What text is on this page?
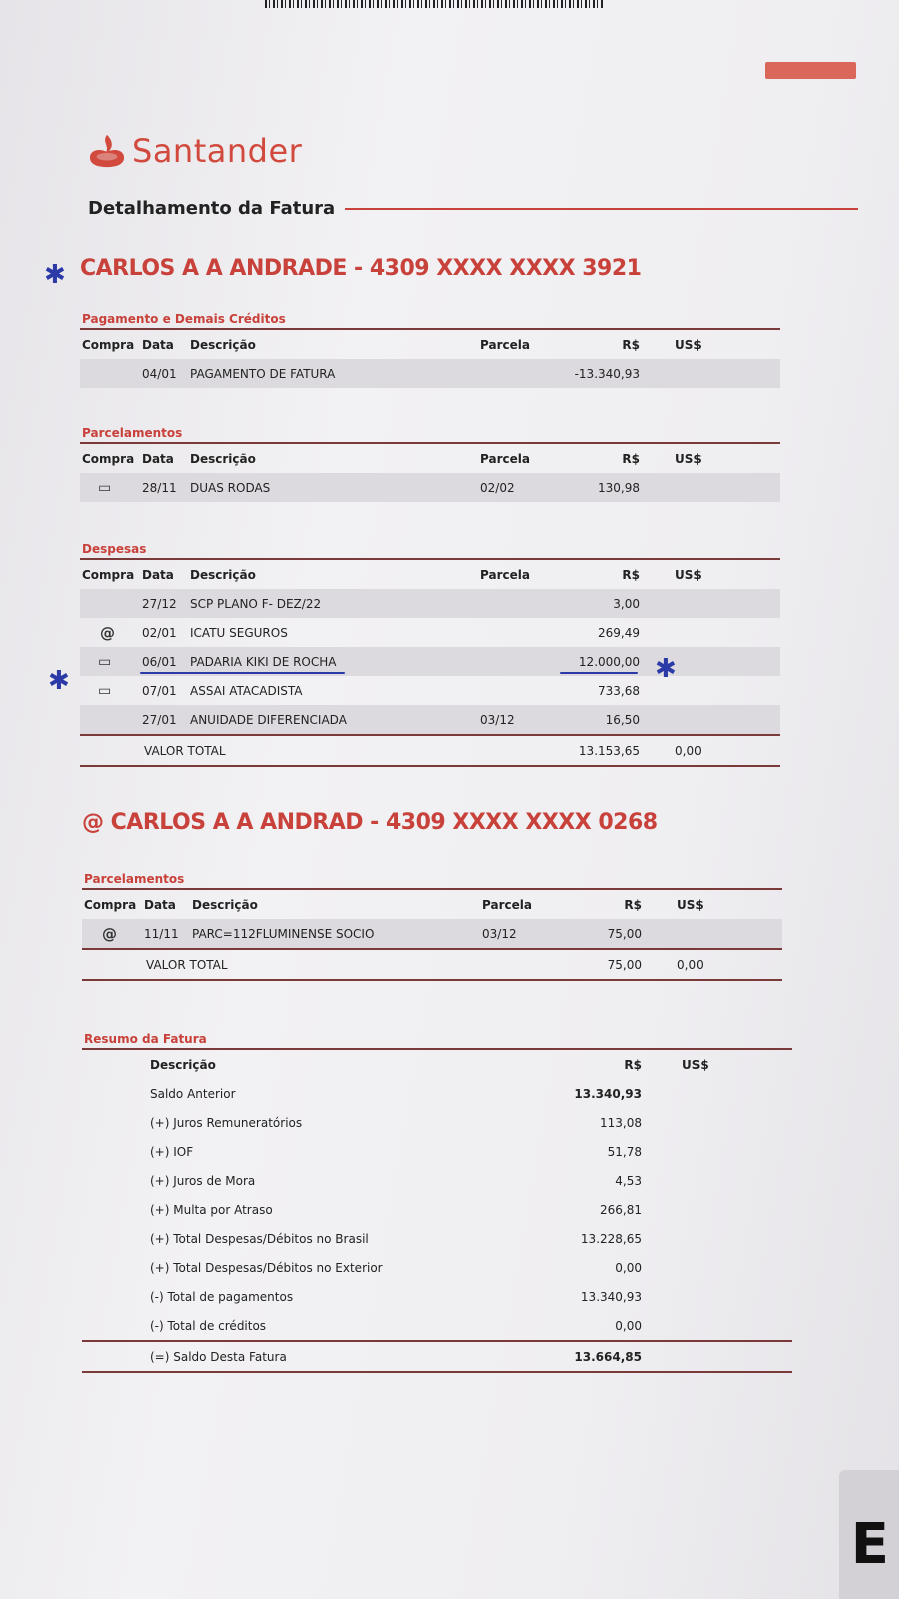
Santander
Detalhamento da Fatura
✱ CARLOS A A ANDRADE - 4309 XXXX XXXX 3921
Pagamento e Demais Créditos
Compra Data Descrição	Parcela	R$	US$
04/01 PAGAMENTO DE FATURA	-13.340,93
Parcelamentos
Compra Data Descrição	Parcela	R$	US$
▭	28/11 DUAS RODAS	02/02	130,98
Despesas
Compra Data Descrição	Parcela	R$	US$
27/12 SCP PLANO F- DEZ/22	3,00
@ 02/01 ICATU SEGUROS	269,49
▭	06/01 PADARIA KIKI DE ROCHA	12.000,00
▭	07/01 ASSAI ATACADISTA	733,68
27/01 ANUIDADE DIFERENCIADA	03/12	16,50
VALOR TOTAL	13.153,65	0,00
✱	✱
@ CARLOS A A ANDRAD - 4309 XXXX XXXX 0268
Parcelamentos
Compra Data Descrição	Parcela	R$	US$
@ 11/11 PARC=112FLUMINENSE SOCIO	03/12	75,00
VALOR TOTAL	75,00	0,00
Resumo da Fatura
Descrição	R$	US$
Saldo Anterior	13.340,93
(+) Juros Remuneratórios	113,08
(+) IOF	51,78
(+) Juros de Mora	4,53
(+) Multa por Atraso	266,81
(+) Total Despesas/Débitos no Brasil	13.228,65
(+) Total Despesas/Débitos no Exterior	0,00
(-) Total de pagamentos	13.340,93
(-) Total de créditos	0,00
(=) Saldo Desta Fatura	13.664,85
E
